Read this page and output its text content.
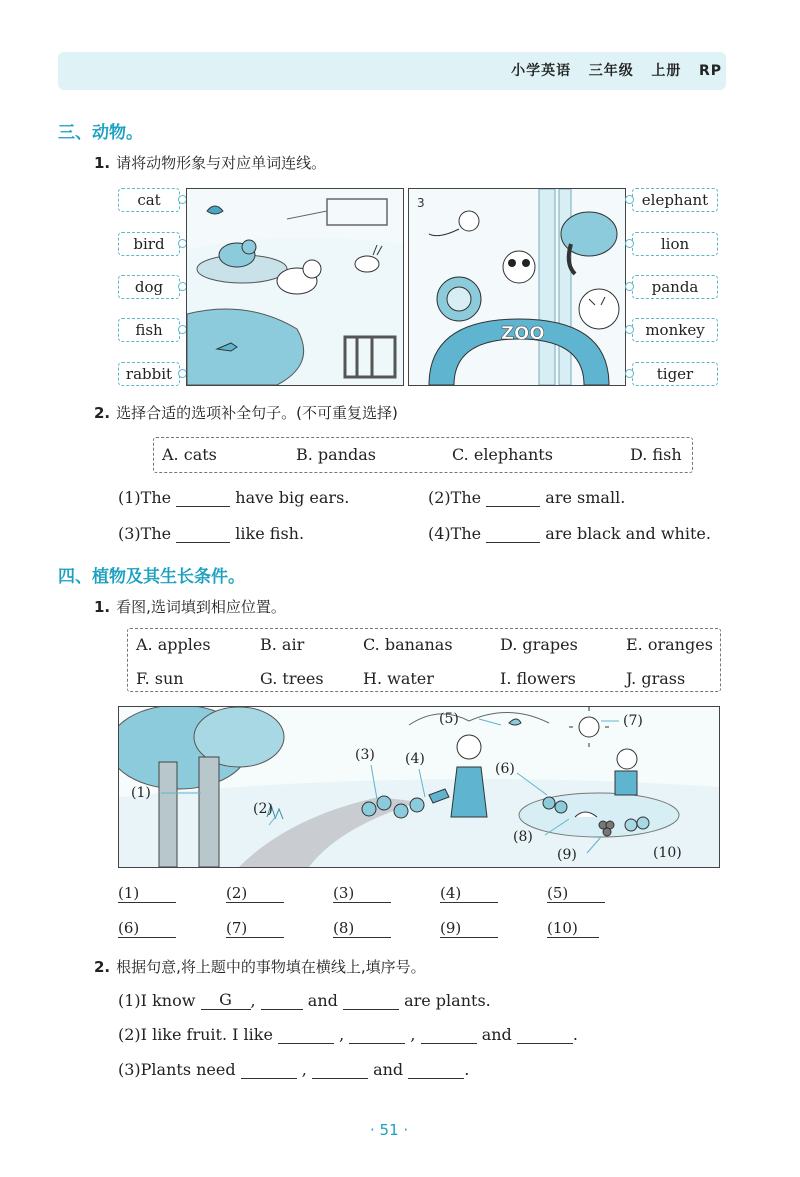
小学英语 三年级 上册 RP
三、动物。
1. 请将动物形象与对应单词连线。
cat
bird
dog
fish
rabbit
3
ZOO
elephant
lion
panda
monkey
tiger
2. 选择合适的选项补全句子。(不可重复选择)
A. cats	B. pandas	C. elephants	D. fish
(1)The	have big ears.	(2)The	are small.
(3)The	like fish.	(4)The	are black and white.
四、植物及其生长条件。
1. 看图,选词填到相应位置。
A. apples	B. air	C. bananas	D. grapes	E. oranges
F. sun	G. trees H. water	I. flowers	J. grass
(1)
(2)
(3) (4)
(5)
(6)
(7)
(8)
(9)	(10)
(1)	(2)	(3)	(4)	(5)
(6)	(7)	(8)	(9)	(10)
2. 根据句意,将上题中的事物填在横线上,填序号。
(1)I know G ,	and	are plants.
(2)I like fruit. I like	,	,	and	.
(3)Plants need	,	and	.
· 51 ·
